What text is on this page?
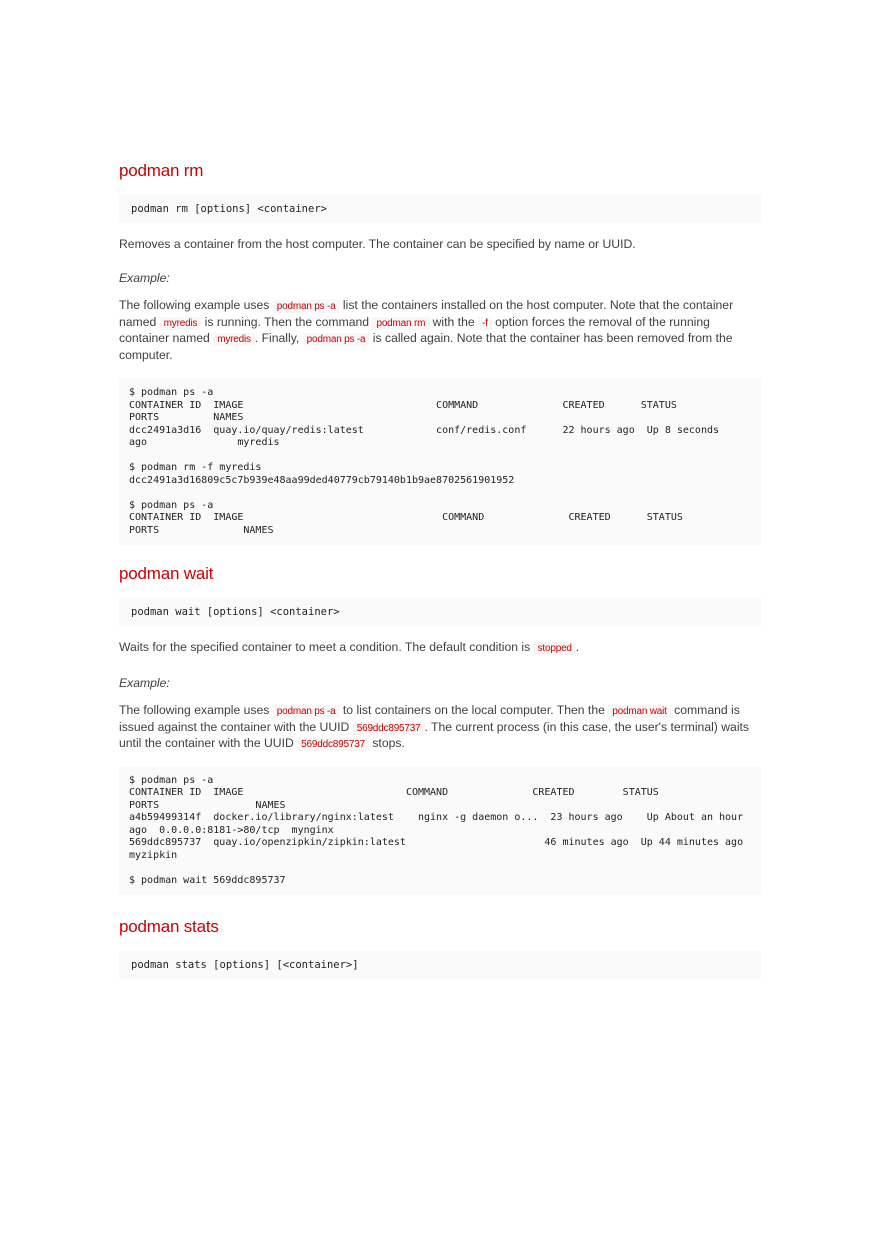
podman rm
podman rm [options] <container>

Removes a container from the host computer. The container can be specified by name or UUID.

Example:

The following example uses podman ps -a list the containers installed on the host computer. Note that the container named myredis is running. Then the command podman rm with the -f option forces the removal of the running container named myredis . Finally, podman ps -a is called again. Note that the container has been removed from the computer.

$ podman ps -a
CONTAINER ID  IMAGE                                COMMAND              CREATED      STATUS
PORTS         NAMES
dcc2491a3d16  quay.io/quay/redis:latest            conf/redis.conf      22 hours ago  Up 8 seconds
ago               myredis

$ podman rm -f myredis
dcc2491a3d16809c5c7b939e48aa99ded40779cb79140b1b9ae8702561901952

$ podman ps -a
CONTAINER ID  IMAGE                                 COMMAND              CREATED      STATUS
PORTS              NAMES
podman wait
podman wait [options] <container>

Waits for the specified container to meet a condition. The default condition is stopped .

Example:

The following example uses podman ps -a to list containers on the local computer. Then the podman wait command is issued against the container with the UUID 569ddc895737 . The current process (in this case, the user's terminal) waits until the container with the UUID 569ddc895737 stops.

$ podman ps -a
CONTAINER ID  IMAGE                           COMMAND              CREATED        STATUS
PORTS                NAMES
a4b59499314f  docker.io/library/nginx:latest    nginx -g daemon o...  23 hours ago    Up About an hour
ago  0.0.0.0:8181->80/tcp  mynginx
569ddc895737  quay.io/openzipkin/zipkin:latest                       46 minutes ago  Up 44 minutes ago
myzipkin

$ podman wait 569ddc895737
podman stats
podman stats [options] [<container>]
